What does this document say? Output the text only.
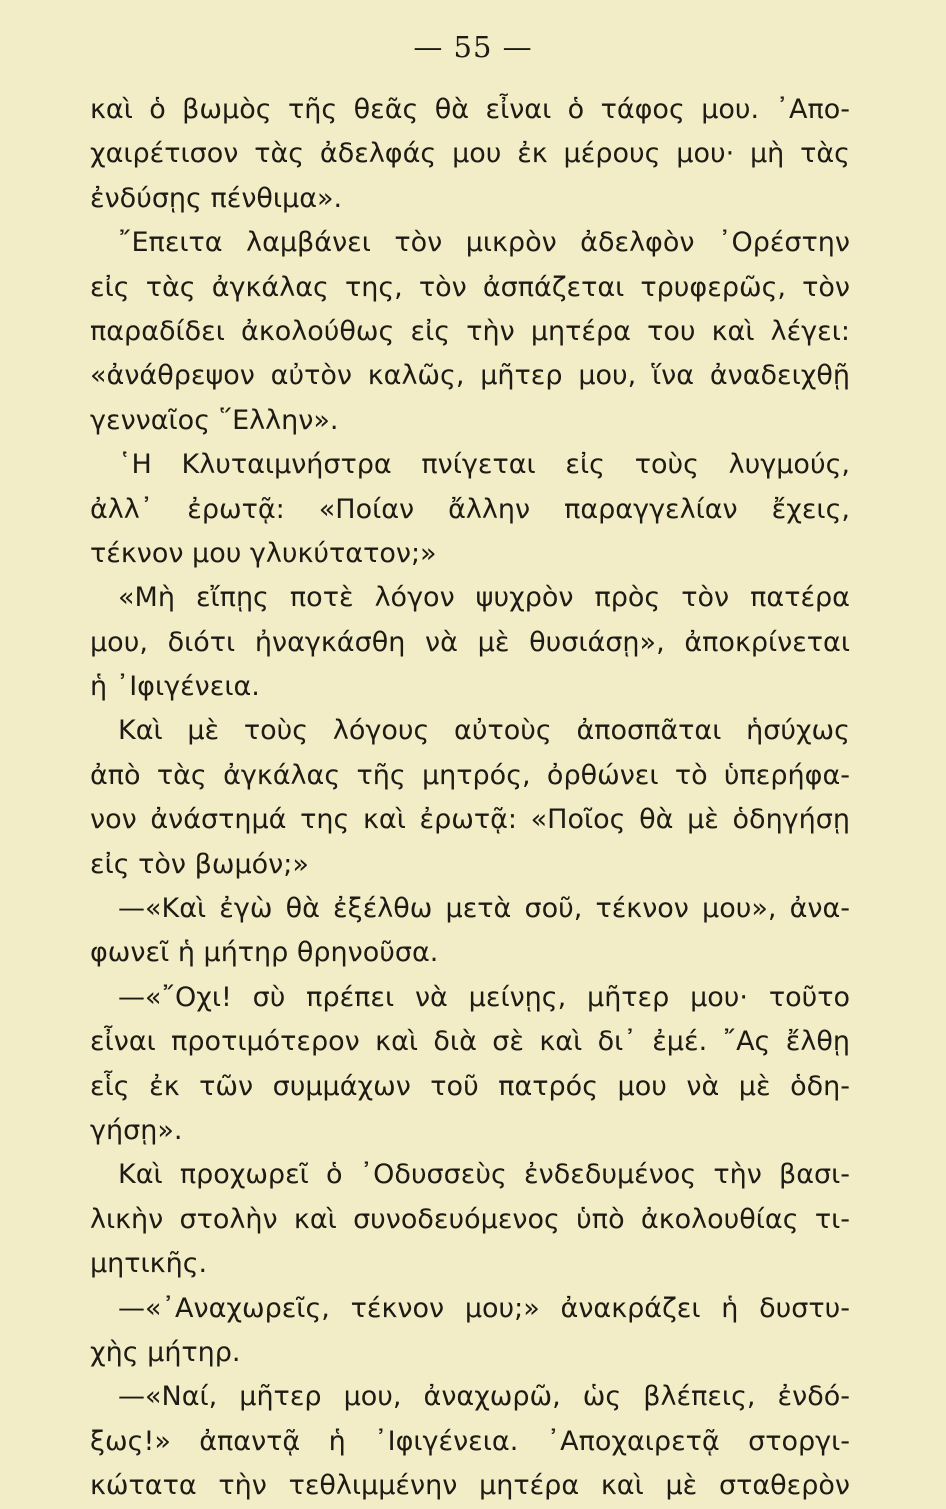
— 55 —
καὶ ὁ βωμὸς τῆς θεᾶς θὰ εἶναι ὁ τάφος μου. ᾿Απο-
χαιρέτισον τὰς ἀδελφάς μου ἐκ μέρους μου· μὴ τὰς
ἐνδύσῃς πένθιμα».
῎Επειτα λαμβάνει τὸν μικρὸν ἀδελφὸν ᾿Ορέστην
εἰς τὰς ἀγκάλας της, τὸν ἀσπάζεται τρυφερῶς, τὸν
παραδίδει ἀκολούθως εἰς τὴν μητέρα του καὶ λέγει:
«ἀνάθρεψον αὐτὸν καλῶς, μῆτερ μου, ἵνα ἀναδειχθῇ
γενναῖος ῞Ελλην».
῾Η Κλυταιμνήστρα πνίγεται εἰς τοὺς λυγμούς,
ἀλλ᾿ ἐρωτᾷ: «Ποίαν ἄλλην παραγγελίαν ἔχεις,
τέκνον μου γλυκύτατον;»
«Μὴ εἴπῃς ποτὲ λόγον ψυχρὸν πρὸς τὸν πατέρα
μου, διότι ἠναγκάσθη νὰ μὲ θυσιάσῃ», ἀποκρίνεται
ἡ ᾿Ιφιγένεια.
Καὶ μὲ τοὺς λόγους αὐτοὺς ἀποσπᾶται ἡσύχως
ἀπὸ τὰς ἀγκάλας τῆς μητρός, ὀρθώνει τὸ ὑπερήφα-
νον ἀνάστημά της καὶ ἐρωτᾷ: «Ποῖος θὰ μὲ ὁδηγήσῃ
εἰς τὸν βωμόν;»
—«Καὶ ἐγὼ θὰ ἐξέλθω μετὰ σοῦ, τέκνον μου», ἀνα-
φωνεῖ ἡ μήτηρ θρηνοῦσα.
—«῎Οχι! σὺ πρέπει νὰ μείνῃς, μῆτερ μου· τοῦτο
εἶναι προτιμότερον καὶ διὰ σὲ καὶ δι᾿ ἐμέ. ῎Ας ἔλθῃ
εἷς ἐκ τῶν συμμάχων τοῦ πατρός μου νὰ μὲ ὁδη-
γήσῃ».
Καὶ προχωρεῖ ὁ ᾿Οδυσσεὺς ἐνδεδυμένος τὴν βασι-
λικὴν στολὴν καὶ συνοδευόμενος ὑπὸ ἀκολουθίας τι-
μητικῆς.
—«᾿Αναχωρεῖς, τέκνον μου;» ἀνακράζει ἡ δυστυ-
χὴς μήτηρ.
—«Ναί, μῆτερ μου, ἀναχωρῶ, ὡς βλέπεις, ἐνδό-
ξως!» ἀπαντᾷ ἡ ᾿Ιφιγένεια. ᾿Αποχαιρετᾷ στοργι-
κώτατα τὴν τεθλιμμένην μητέρα καὶ μὲ σταθερὸν
